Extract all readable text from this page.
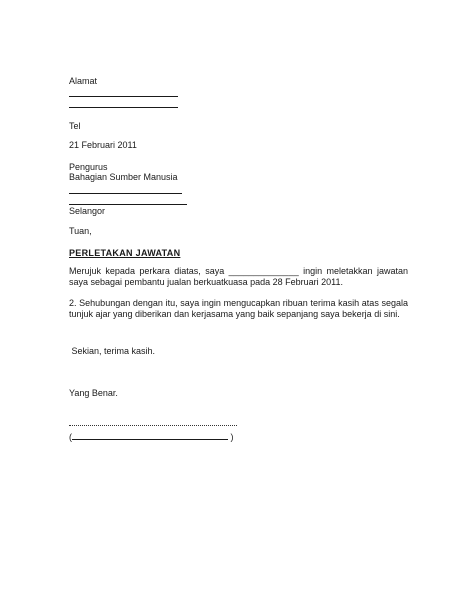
Alamat
Tel
21 Februari 2011
Pengurus
Bahagian Sumber Manusia
Selangor
Tuan,
PERLETAKAN JAWATAN
Merujuk kepada perkara diatas, saya ______________ ingin meletakkan jawatan saya sebagai pembantu jualan berkuatkuasa pada 28 Februari 2011.
2. Sehubungan dengan itu, saya ingin mengucapkan ribuan terima kasih atas segala tunjuk ajar yang diberikan dan kerjasama yang baik sepanjang saya bekerja di sini.
Sekian, terima kasih.
Yang Benar.
(	)
